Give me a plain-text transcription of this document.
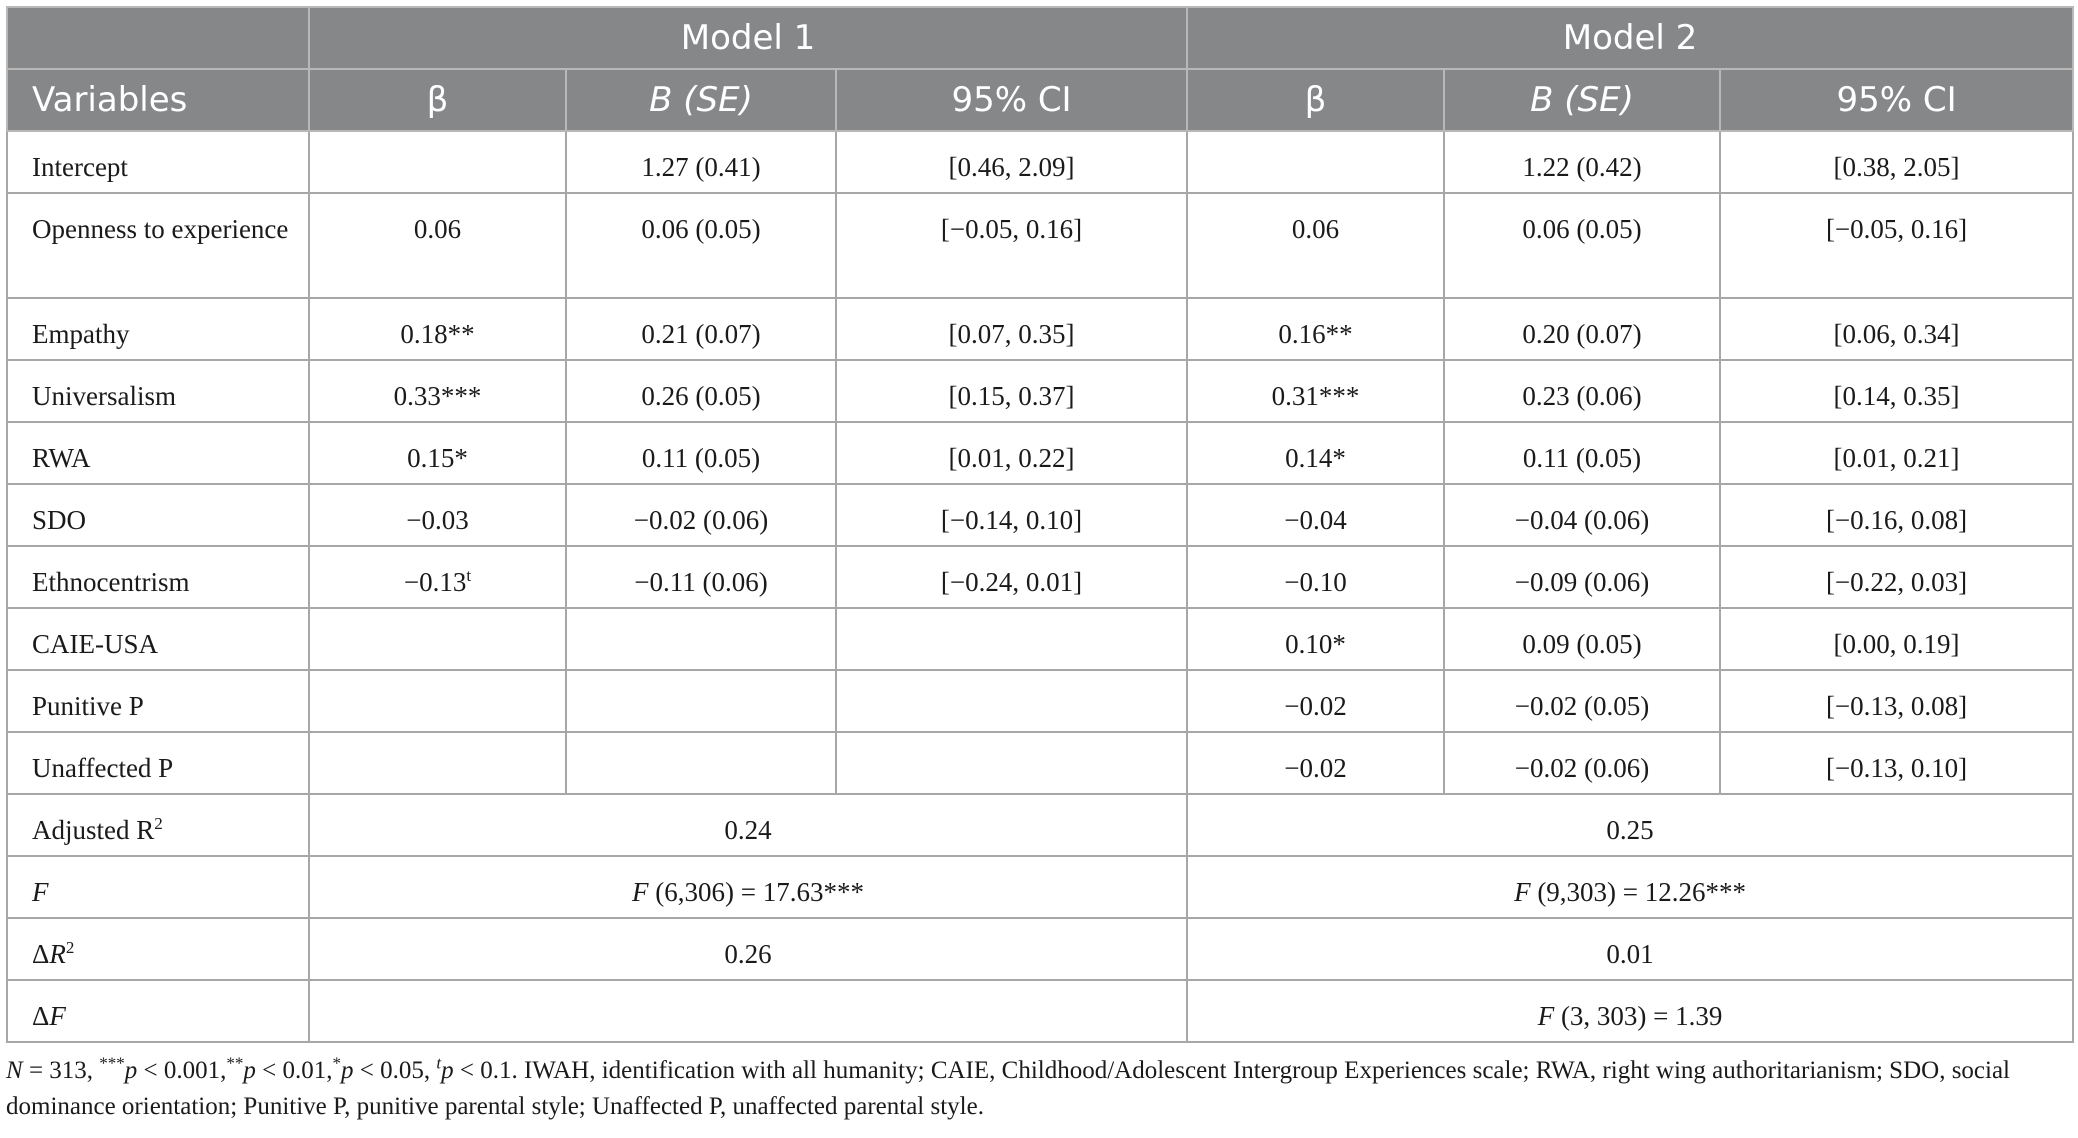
	Model 1			Model 2		
Variables	β	B (SE)	95% CI	β	B (SE)	95% CI
Intercept		1.27 (0.41)	[0.46, 2.09]		1.22 (0.42)	[0.38, 2.05]
Openness to experience	0.06	0.06 (0.05)	[−0.05, 0.16]	0.06	0.06 (0.05)	[−0.05, 0.16]
Empathy	0.18**	0.21 (0.07)	[0.07, 0.35]	0.16**	0.20 (0.07)	[0.06, 0.34]
Universalism	0.33***	0.26 (0.05)	[0.15, 0.37]	0.31***	0.23 (0.06)	[0.14, 0.35]
RWA	0.15*	0.11 (0.05)	[0.01, 0.22]	0.14*	0.11 (0.05)	[0.01, 0.21]
SDO	−0.03	−0.02 (0.06)	[−0.14, 0.10]	−0.04	−0.04 (0.06)	[−0.16, 0.08]
Ethnocentrism	$-0.13^t$	−0.11 (0.06)	[−0.24, 0.01]	−0.10	−0.09 (0.06)	[−0.22, 0.03]
CAIE-USA				0.10*	0.09 (0.05)	[0.00, 0.19]
Punitive P				−0.02	−0.02 (0.05)	[−0.13, 0.08]
Unaffected P				−0.02	−0.02 (0.06)	[−0.13, 0.10]
Adjusted $R^2$	0.24			0.25		
F	F (6,306) = 17.63***			F (9,303) = 12.26***		
$\Delta R^2$	0.26			0.01		
ΔF				F (3, 303) = 1.39		
N = 313, ***p < 0.001,**p < 0.01,*p < 0.05, $^t$p < 0.1. IWAH, identification with all humanity; CAIE, Childhood/Adolescent Intergroup Experiences scale; RWA, right wing authoritarianism; SDO, social dominance orientation; Punitive P, punitive parental style; Unaffected P, unaffected parental style.
